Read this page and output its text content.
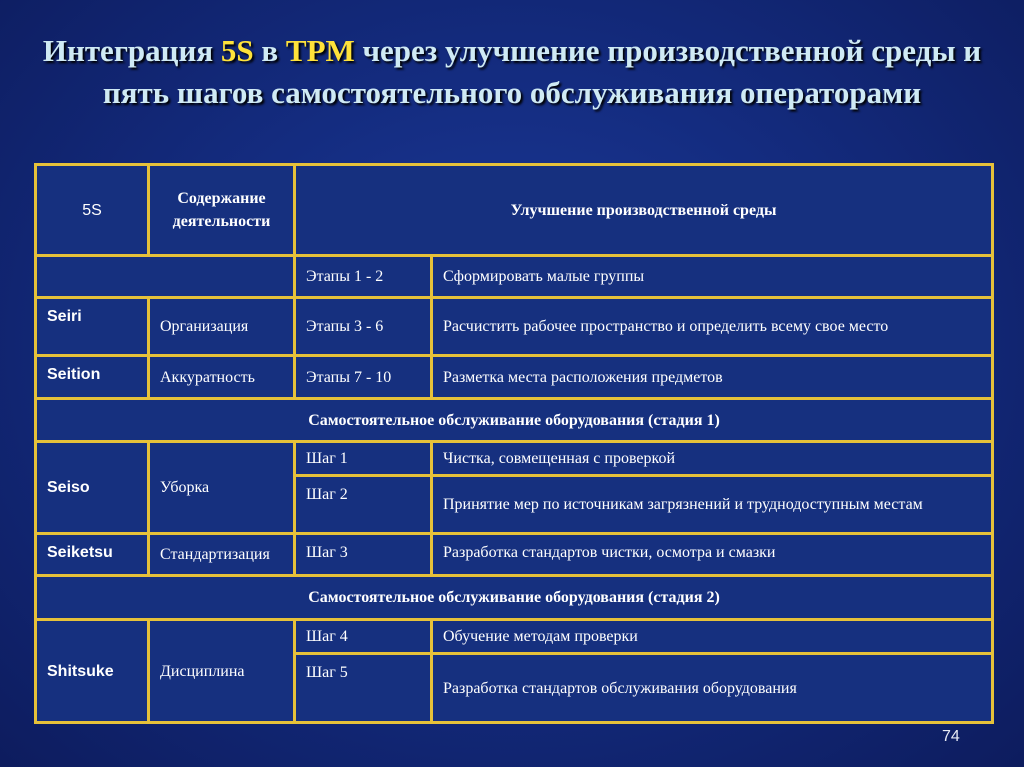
Интеграция 5S в TPM через улучшение производственной среды и пять шагов самостоятельного обслуживания операторами
5S	Содержание деятельности	Улучшение производственной среды	
		Этапы 1 - 2	Сформировать малые группы
Seiri	Организация	Этапы 3 - 6	Расчистить рабочее пространство и определить всему свое место
Seition	Аккуратность	Этапы 7 - 10	Разметка места расположения предметов
Самостоятельное обслуживание оборудования (стадия 1)			
Seiso	Уборка	Шаг 1	Чистка, совмещенная с проверкой
		Шаг 2	Принятие мер по источникам загрязнений и труднодоступным местам
Seiketsu	Стандартизация	Шаг 3	Разработка стандартов чистки, осмотра и смазки
Самостоятельное обслуживание оборудования (стадия 2)			
Shitsuke	Дисциплина	Шаг 4	Обучение методам проверки
		Шаг 5	Разработка стандартов обслуживания оборудования
74
